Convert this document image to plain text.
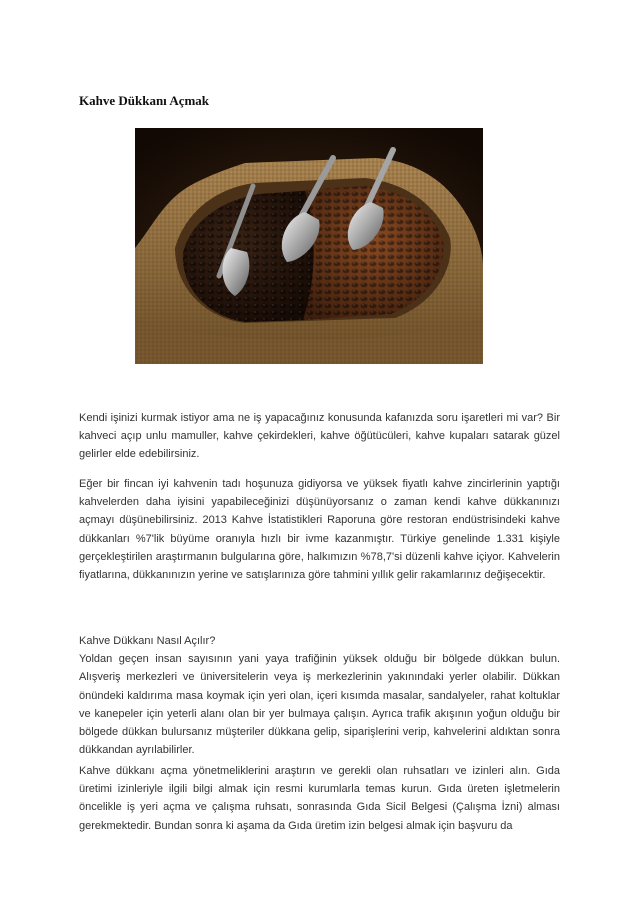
Kahve Dükkanı Açmak

Kendi işinizi kurmak istiyor ama ne iş yapacağınız konusunda kafanızda soru işaretleri mi var? Bir kahveci açıp unlu mamuller, kahve çekirdekleri, kahve öğütücüleri, kahve kupaları satarak güzel gelirler elde edebilirsiniz.

Eğer bir fincan iyi kahvenin tadı hoşunuza gidiyorsa ve yüksek fiyatlı kahve zincirlerinin yaptığı kahvelerden daha iyisini yapabileceğinizi düşünüyorsanız o zaman kendi kahve dükkanınızı açmayı düşünebilirsiniz. 2013 Kahve İstatistikleri Raporuna göre restoran endüstrisindeki kahve dükkanları %7'lik büyüme oranıyla hızlı bir ivme kazanmıştır. Türkiye genelinde 1.331 kişiyle gerçekleştirilen araştırmanın bulgularına göre, halkımızın %78,7'si düzenli kahve içiyor. Kahvelerin fiyatlarına, dükkanınızın yerine ve satışlarınıza göre tahmini yıllık gelir rakamlarınız değişecektir.

Kahve Dükkanı Nasıl Açılır?

Yoldan geçen insan sayısının yani yaya trafiğinin yüksek olduğu bir bölgede dükkan bulun. Alışveriş merkezleri ve üniversitelerin veya iş merkezlerinin yakınındaki yerler olabilir. Dükkan önündeki kaldırıma masa koymak için yeri olan, içeri kısımda masalar, sandalyeler, rahat koltuklar ve kanepeler için yeterli alanı olan bir yer bulmaya çalışın. Ayrıca trafik akışının yoğun olduğu bir bölgede dükkan bulursanız müşteriler dükkana gelip, siparişlerini verip, kahvelerini aldıktan sonra dükkandan ayrılabilirler.

Kahve dükkanı açma yönetmeliklerini araştırın ve gerekli olan ruhsatları ve izinleri alın. Gıda üretimi izinleriyle ilgili bilgi almak için resmi kurumlarla temas kurun. Gıda üreten işletmelerin öncelikle iş yeri açma ve çalışma ruhsatı, sonrasında Gıda Sicil Belgesi (Çalışma İzni) alması gerekmektedir. Bundan sonra ki aşama da Gıda üretim izin belgesi almak için başvuru da
